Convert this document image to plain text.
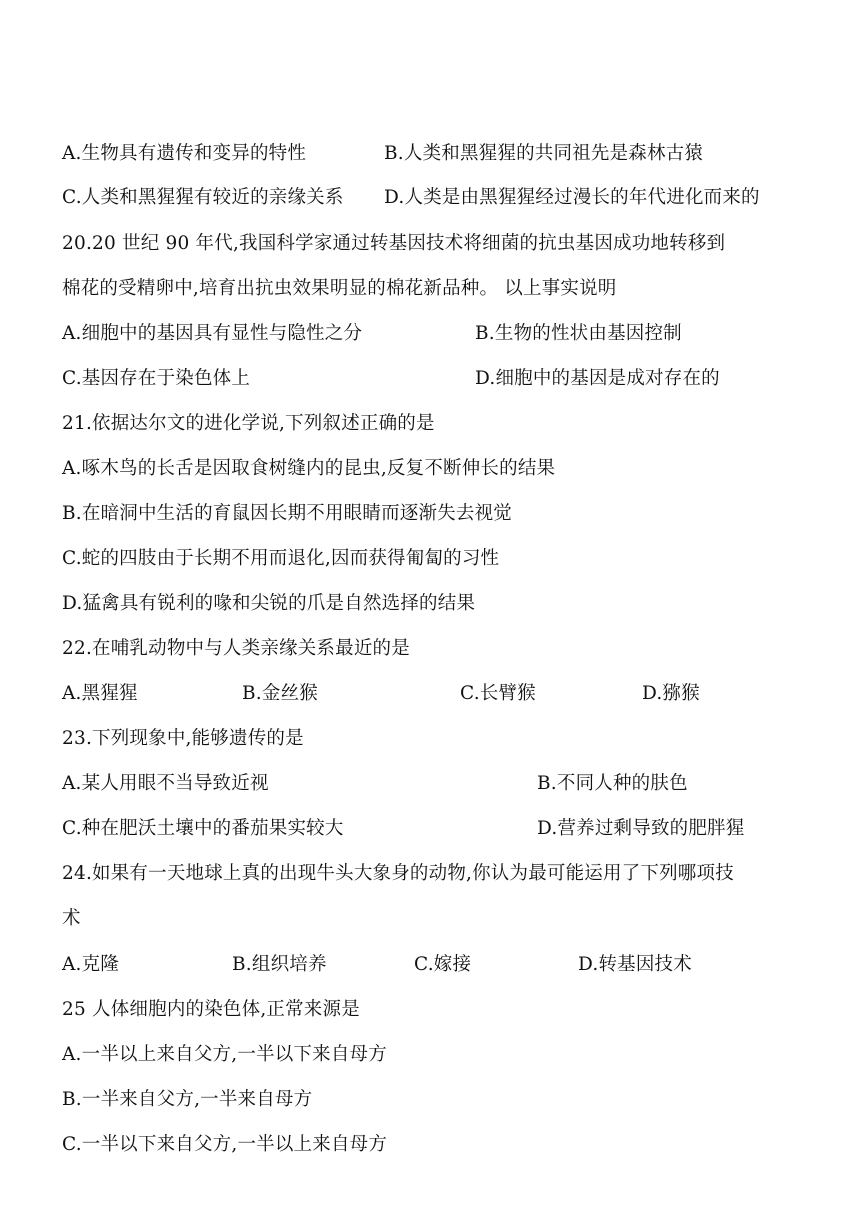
A.生物具有遗传和变异的特性	B.人类和黑猩猩的共同祖先是森林古猿
C.人类和黑猩猩有较近的亲缘关系 D.人类是由黑猩猩经过漫长的年代进化而来的
20.20 世纪 90 年代,我国科学家通过转基因技术将细菌的抗虫基因成功地转移到
棉花的受精卵中,培育出抗虫效果明显的棉花新品种。 以上事实说明
A.细胞中的基因具有显性与隐性之分	B.生物的性状由基因控制
C.基因存在于染色体上	D.细胞中的基因是成对存在的
21.依据达尔文的进化学说,下列叙述正确的是
A.啄木鸟的长舌是因取食树缝内的昆虫,反复不断伸长的结果
B.在暗洞中生活的育鼠因长期不用眼睛而逐渐失去视觉
C.蛇的四肢由于长期不用而退化,因而获得匍匐的习性
D.猛禽具有锐利的喙和尖锐的爪是自然选择的结果
22.在哺乳动物中与人类亲缘关系最近的是
A.黑猩猩	B.金丝猴	C.长臂猴	D.猕猴
23.下列现象中,能够遗传的是
A.某人用眼不当导致近视	B.不同人种的肤色
C.种在肥沃土壤中的番茄果实较大	D.营养过剩导致的肥胖猩
24.如果有一天地球上真的出现牛头大象身的动物,你认为最可能运用了下列哪项技
术
A.克隆	B.组织培养	C.嫁接	D.转基因技术
25 人体细胞内的染色体,正常来源是
A.一半以上来自父方,一半以下来自母方
B.一半来自父方,一半来自母方
C.一半以下来自父方,一半以上来自母方
